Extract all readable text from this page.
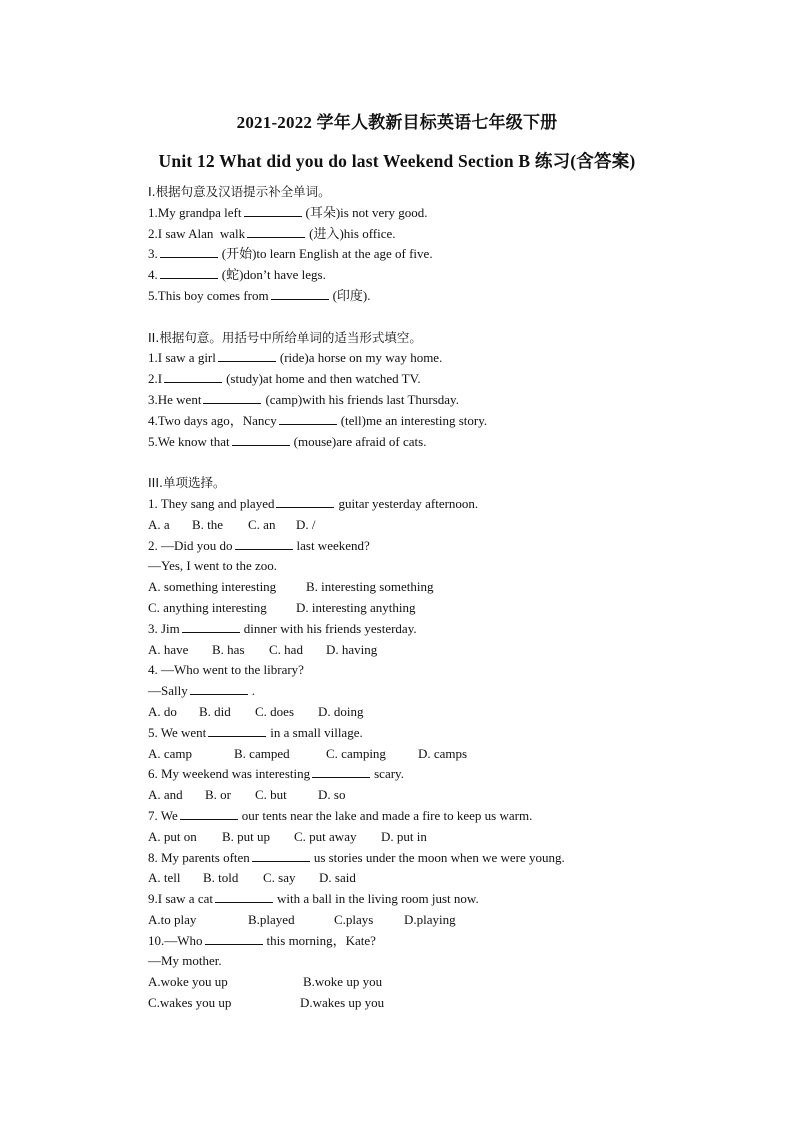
2021-2022 学年人教新目标英语七年级下册
Unit 12 What did you do last Weekend Section B 练习(含答案)
I.根据句意及汉语提示补全单词。
1.My grandpa left	(耳朵)is not very good.
2.I saw Alan  walk	(进入)his office.
3.	(开始)to learn English at the age of five.
4.	(蛇)don’t have legs.
5.This boy comes from	(印度).
II.根据句意。用括号中所给单词的适当形式填空。
1.I saw a girl	(ride)a horse on my way home.
2.I	(study)at home and then watched TV.
3.He went	(camp)with his friends last Thursday.
4.Two days ago，Nancy	(tell)me an interesting story.
5.We know that	(mouse)are afraid of cats.
III.单项选择。
1. They sang and played	guitar yesterday afternoon.
A. a B. the C. an D. /
2. —Did you do	last weekend?
—Yes, I went to the zoo.
A. something interesting B. interesting something
C. anything interesting D. interesting anything
3. Jim	dinner with his friends yesterday.
A. have B. has C. had D. having
4. —Who went to the library?
—Sally	.
A. do B. did C. does D. doing
5. We went	in a small village.
A. camp	B. camped	C. camping D. camps
6. My weekend was interesting	scary.
A. and B. or C. but D. so
7. We	our tents near the lake and made a fire to keep us warm.
A. put on B. put up C. put away D. put in
8. My parents often	us stories under the moon when we were young.
A. tell B. told C. say D. said
9.I saw a cat	with a ball in the living room just now.
A.to play	B.played	C.plays D.playing
10.—Who	this morning，Kate?
—My mother.
A.woke you up	B.woke up you
C.wakes you up	D.wakes up you
